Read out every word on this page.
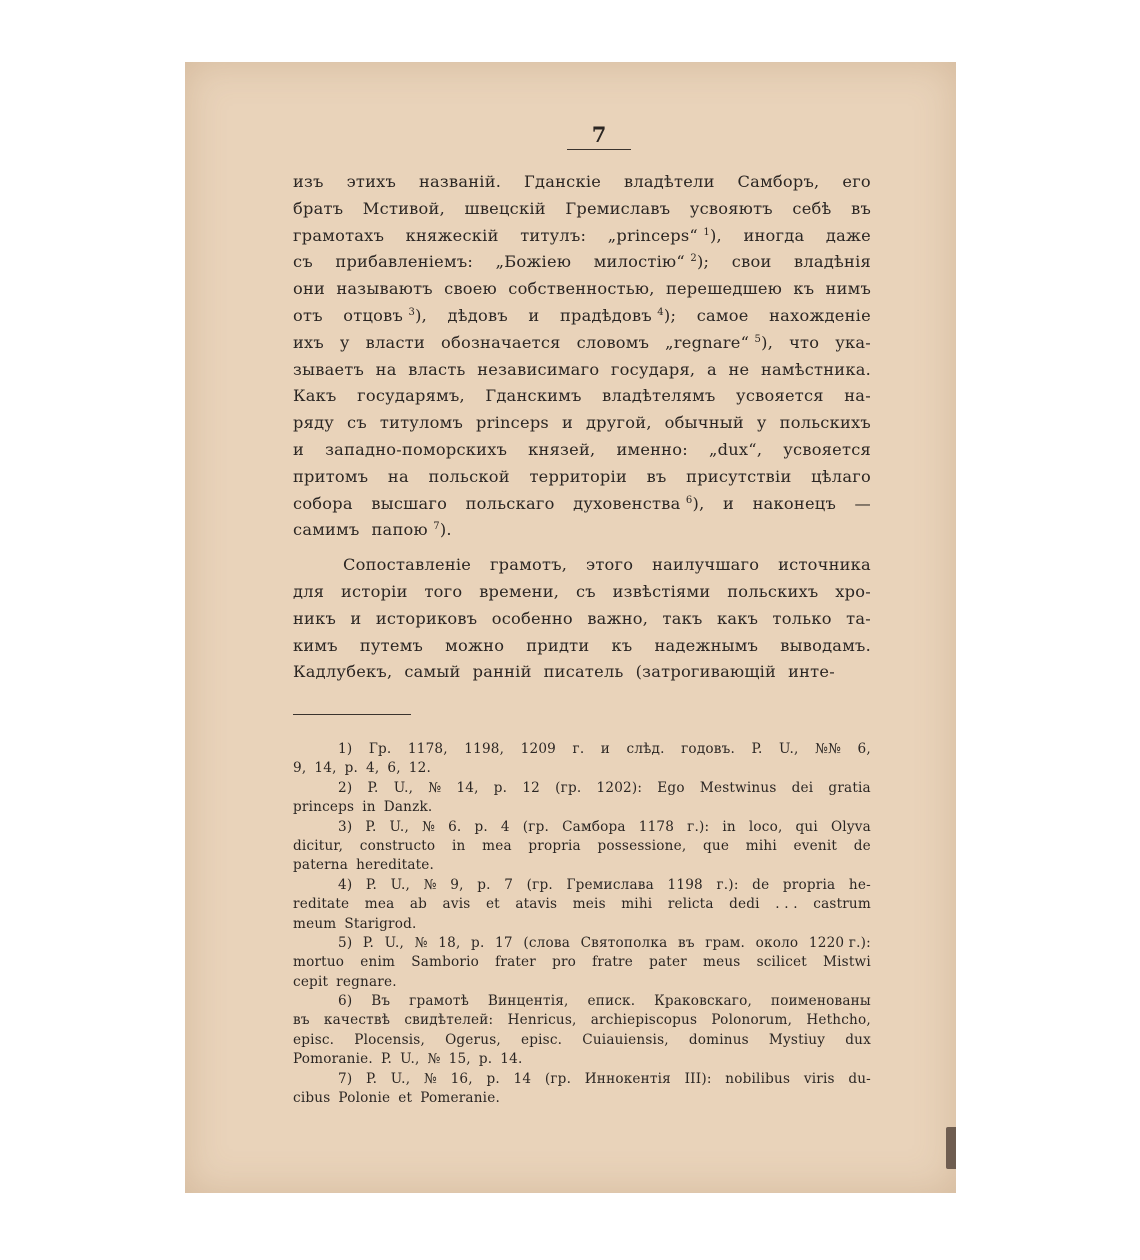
7
изъ этихъ названій. Гданскіе владѣтели Самборъ, его
братъ Мстивой, швецскій Гремиславъ усвояютъ себѣ въ
грамотахъ княжескій титулъ: „princeps“ $^1$), иногда даже
съ прибавленіемъ: „Божіею милостію“ $^2$); свои владѣнія
они называютъ своею собственностью, перешедшею къ нимъ
отъ отцовъ $^3$), дѣдовъ и прадѣдовъ $^4$); самое нахожденіе
ихъ у власти обозначается словомъ „regnare“ $^5$), что ука-
зываетъ на власть независимаго государя, а не намѣстника.
Какъ государямъ, Гданскимъ владѣтелямъ усвояется на-
ряду съ титуломъ princeps и другой, обычный у польскихъ
и западно-поморскихъ князей, именно: „dux“, усвояется
притомъ на польской территоріи въ присутствіи цѣлаго
собора высшаго польскаго духовенства $^6$), и наконецъ —
самимъ папою $^7$).
Сопоставленіе грамотъ, этого наилучшаго источника
для исторіи того времени, съ извѣстіями польскихъ хро-
никъ и историковъ особенно важно, такъ какъ только та-
кимъ путемъ можно придти къ надежнымъ выводамъ.
Кадлубекъ, самый ранній писатель (затрогивающій инте-
1) Гр. 1178, 1198, 1209 г. и слѣд. годовъ. P. U., №№ 6,
9, 14, p. 4, 6, 12.
2) P. U., № 14, p. 12 (гр. 1202): Ego Mestwinus dei gratia
princeps in Danzk.
3) P. U., № 6. p. 4 (гр. Самбора 1178 г.): in loco, qui Olyva
dicitur, constructo in mea propria possessione, que mihi evenit de
paterna hereditate.
4) P. U., № 9, p. 7 (гр. Гремислава 1198 г.): de propria he-
reditate mea ab avis et atavis meis mihi relicta dedi . . . castrum
meum Starigrod.
5) P. U., № 18, p. 17 (слова Святополка въ грам. около 1220 г.):
mortuo enim Samborio frater pro fratre pater meus scilicet Mistwi
cepit regnare.
6) Въ грамотѣ Винцентія, еписк. Краковскаго, поименованы
въ качествѣ свидѣтелей: Henricus, archiepiscopus Polonorum, Hethcho,
episc. Plocensis, Ogerus, episc. Cuiauiensis, dominus Mystiuy dux
Pomoranie. P. U., № 15, p. 14.
7) P. U., № 16, p. 14 (гр. Иннокентія III): nobilibus viris du-
cibus Polonie et Pomeranie.
